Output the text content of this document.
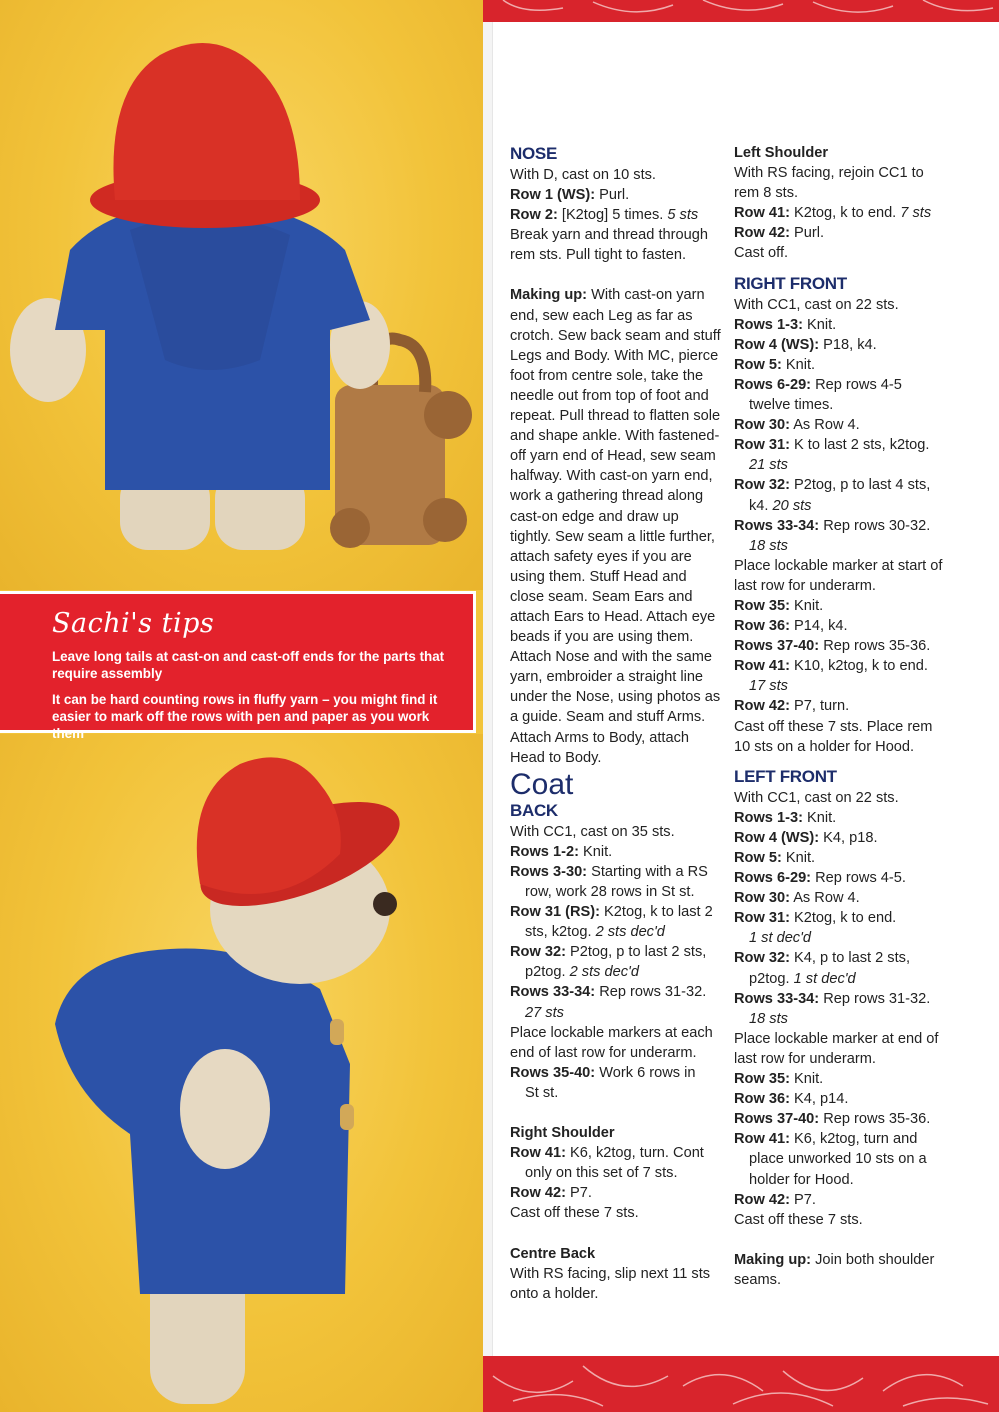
Sachi's tips
Leave long tails at cast-on and cast-off ends for the parts that require assembly
It can be hard counting rows in fluffy yarn – you might find it easier to mark off the rows with pen and paper as you work them
NOSE

With D, cast on 10 sts.

Row 1 (WS): Purl.

Row 2: [K2tog] 5 times. 5 sts

Break yarn and thread through rem sts. Pull tight to fasten.

Making up: With cast-on yarn end, sew each Leg as far as crotch. Sew back seam and stuff Legs and Body. With MC, pierce foot from centre sole, take the needle out from top of foot and repeat. Pull thread to flatten sole and shape ankle. With fastened-off yarn end of Head, sew seam halfway. With cast-on yarn end, work a gathering thread along cast-on edge and draw up tightly. Sew seam a little further, attach safety eyes if you are using them. Stuff Head and close seam. Seam Ears and attach Ears to Head. Attach eye beads if you are using them. Attach Nose and with the same yarn, embroider a straight line under the Nose, using photos as a guide. Seam and stuff Arms. Attach Arms to Body, attach Head to Body.

Coat
BACK

With CC1, cast on 35 sts.

Rows 1-2: Knit.

Rows 3-30: Starting with a RS

row, work 28 rows in St st.

Row 31 (RS): K2tog, k to last 2

sts, k2tog. 2 sts dec'd

Row 32: P2tog, p to last 2 sts,

p2tog. 2 sts dec'd

Rows 33-34: Rep rows 31-32.

27 sts

Place lockable markers at each end of last row for underarm.

Rows 35-40: Work 6 rows in

St st.

Right Shoulder

Row 41: K6, k2tog, turn. Cont

only on this set of 7 sts.

Row 42: P7.

Cast off these 7 sts.

Centre Back

With RS facing, slip next 11 sts onto a holder.

Left Shoulder

With RS facing, rejoin CC1 to rem 8 sts.

Row 41: K2tog, k to end. 7 sts

Row 42: Purl.

Cast off.

RIGHT FRONT

With CC1, cast on 22 sts.

Rows 1-3: Knit.

Row 4 (WS): P18, k4.

Row 5: Knit.

Rows 6-29: Rep rows 4-5

twelve times.

Row 30: As Row 4.

Row 31: K to last 2 sts, k2tog.

21 sts

Row 32: P2tog, p to last 4 sts,

k4. 20 sts

Rows 33-34: Rep rows 30-32.

18 sts

Place lockable marker at start of last row for underarm.

Row 35: Knit.

Row 36: P14, k4.

Rows 37-40: Rep rows 35-36.

Row 41: K10, k2tog, k to end.

17 sts

Row 42: P7, turn.

Cast off these 7 sts. Place rem 10 sts on a holder for Hood.

LEFT FRONT

With CC1, cast on 22 sts.

Rows 1-3: Knit.

Row 4 (WS): K4, p18.

Row 5: Knit.

Rows 6-29: Rep rows 4-5.

Row 30: As Row 4.

Row 31: K2tog, k to end.

1 st dec'd

Row 32: K4, p to last 2 sts,

p2tog. 1 st dec'd

Rows 33-34: Rep rows 31-32.

18 sts

Place lockable marker at end of last row for underarm.

Row 35: Knit.

Row 36: K4, p14.

Rows 37-40: Rep rows 35-36.

Row 41: K6, k2tog, turn and

place unworked 10 sts on a holder for Hood.

Row 42: P7.

Cast off these 7 sts.

Making up: Join both shoulder seams.
